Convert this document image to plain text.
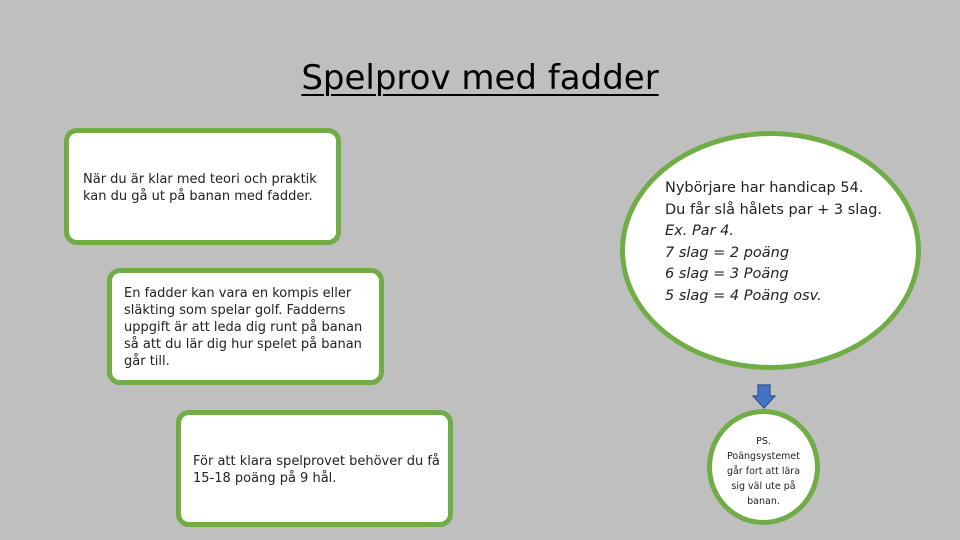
Spelprov med fadder
När du är klar med teori och praktik
kan du gå ut på banan med fadder.
En fadder kan vara en kompis eller
släkting som spelar golf. Fadderns
uppgift är att leda dig runt på banan
så att du lär dig hur spelet på banan
går till.
För att klara spelprovet behöver du få
15-18 poäng på 9 hål.
Nybörjare har handicap 54.
Du får slå hålets par + 3 slag.
Ex. Par 4.
7 slag = 2 poäng
6 slag = 3 Poäng
5 slag = 4 Poäng osv.
PS.
Poängsystemet
går fort att lära
sig väl ute på
banan.
